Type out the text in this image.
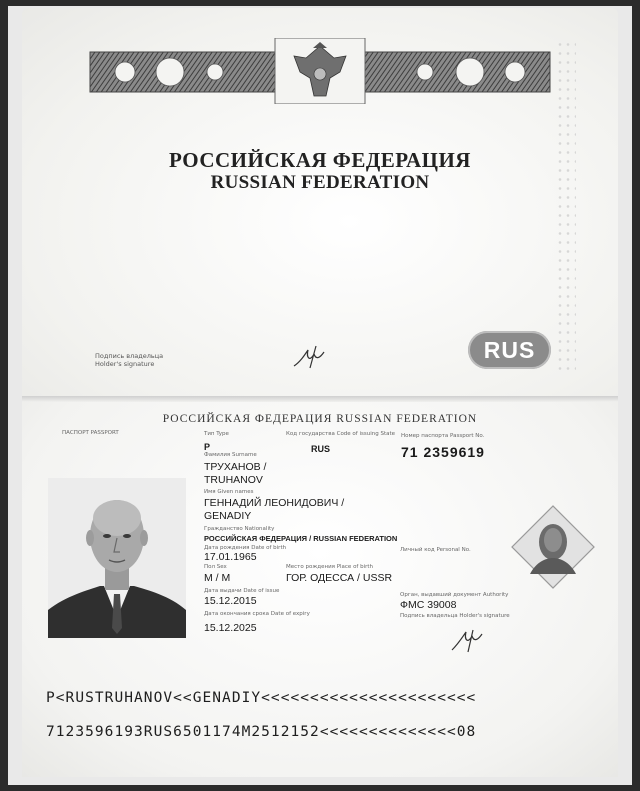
РОССИЙСКАЯ ФЕДЕРАЦИЯ
RUSSIAN FEDERATION
Подпись владельца
Holder's signature
RUS
РОССИЙСКАЯ ФЕДЕРАЦИЯ RUSSIAN FEDERATION
ПАСПОРТ PASSPORT	Тип Type
P
Код государства Code of issuing State
RUS
Номер паспорта Passport No.
71 2359619
Фамилия Surname
ТРУХАНОВ /
TRUHANOV
Имя Given names
ГЕННАДИЙ ЛЕОНИДОВИЧ /
GENADIY
Гражданство Nationality
РОССИЙСКАЯ ФЕДЕРАЦИЯ / RUSSIAN FEDERATION
Дата рождения Date of birth
17.01.1965
Личный код Personal No.
Пол Sex
М / M
Место рождения Place of birth
ГОР. ОДЕССА / USSR
Дата выдачи Date of issue
15.12.2015	Орган, выдавший документ Authority
ФМС 39008
Дата окончания срока Date of expiry
15.12.2025
Подпись владельца Holder's signature
P<RUSTRUHANOV<<GENADIY<<<<<<<<<<<<<<<<<<<<<<
7123596193RUS6501174M2512152<<<<<<<<<<<<<<08
